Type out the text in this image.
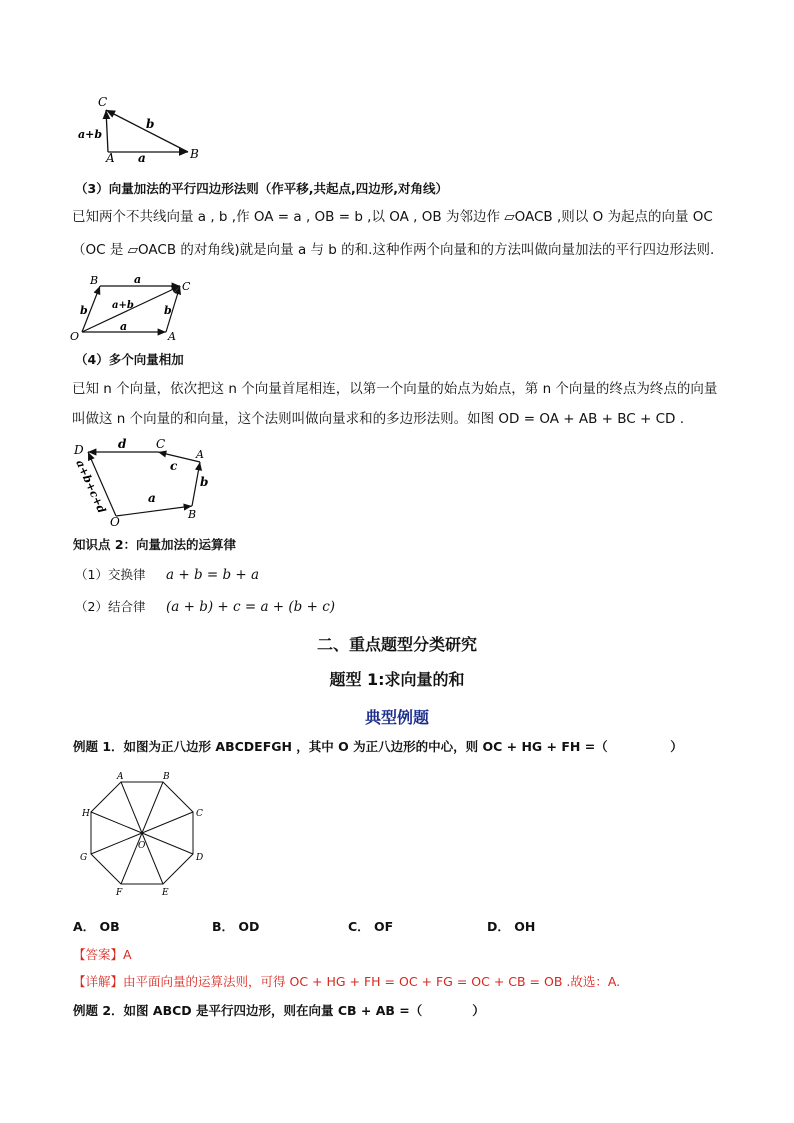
C
a+b
b
A a	B
（3）向量加法的平行四边形法则（作平移,共起点,四边形,对角线）
已知两个不共线向量 a , b ,作 OA = a , OB = b ,以 OA , OB 为邻边作 ▱OACB ,则以 O 为起点的向量 OC
（OC 是 ▱OACB 的对角线)就是向量 a 与 b 的和.这种作两个向量和的方法叫做向量加法的平行四边形法则.
B	a
C
b a+b	b
O
a
A
（4）多个向量相加
已知 n 个向量，依次把这 n 个向量首尾相连，以第一个向量的始点为始点，第 n 个向量的终点为终点的向量
叫做这 n 个向量的和向量，这个法则叫做向量求和的多边形法则。如图 OD = OA + AB + BC + CD .
D	d C
c
A
b
B
a
O
a+b+c+d
知识点 2：向量加法的运算律
（1）交换律 a + b = b + a
（2）结合律 (a + b) + c = a + (b + c)
二、重点题型分类研究
题型 1:求向量的和
典型例题
例题 1．如图为正八边形 ABCDEFGH ，其中 O 为正八边形的中心，则 OC + HG + FH =（　　　　　）
A	B
C
D
E
F
G
H
O
A． OB	B． OD	C． OF	D． OH
【答案】A
【详解】由平面向量的运算法则，可得 OC + HG + FH = OC + FG = OC + CB = OB .故选：A.
例题 2．如图 ABCD 是平行四边形，则在向量 CB + AB =（　　　　）
